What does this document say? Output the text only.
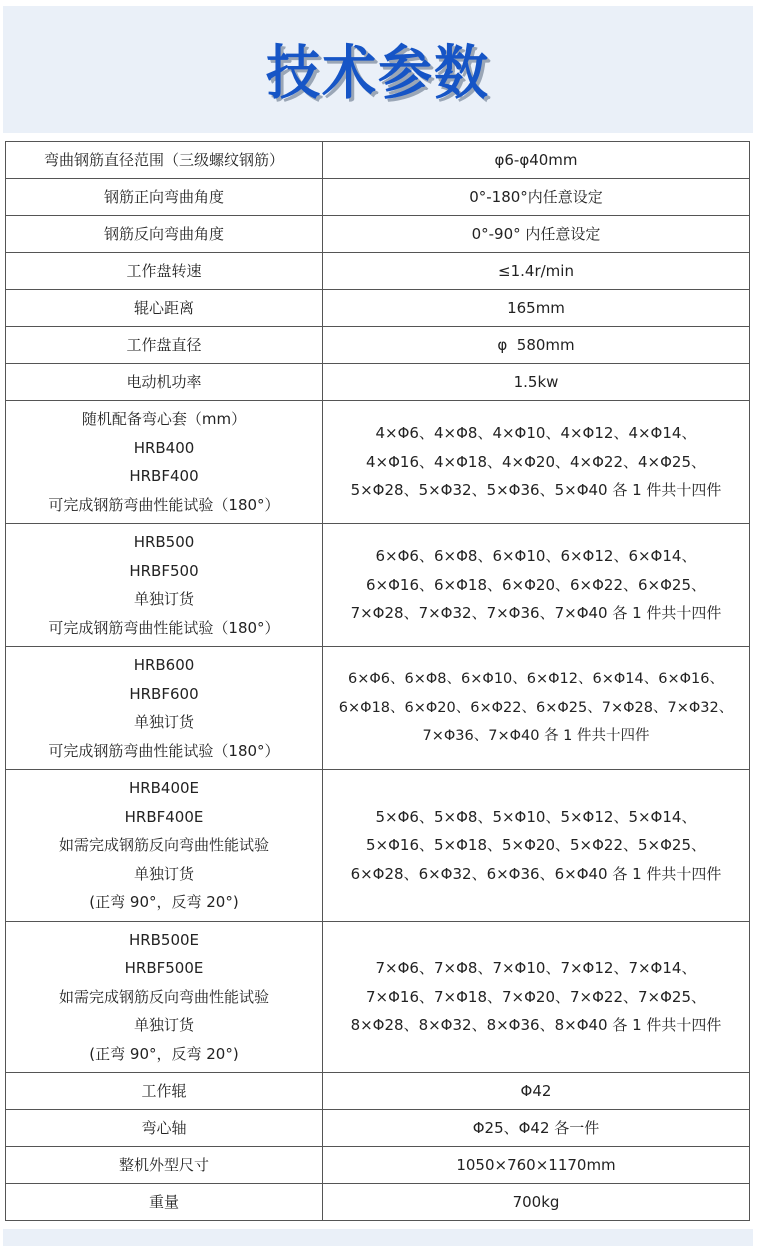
技术参数
弯曲钢筋直径范围（三级螺纹钢筋）	φ6-φ40mm

钢筋正向弯曲角度	0°-180°内任意设定

钢筋反向弯曲角度	0°-90° 内任意设定

工作盘转速	≤1.4r/min

辊心距离	165mm

工作盘直径	φ  580mm

电动机功率	1.5kw

随机配备弯心套（mm）
HRB400
HRBF400
可完成钢筋弯曲性能试验（180°）	4×Φ6、4×Φ8、4×Φ10、4×Φ12、4×Φ14、
4×Φ16、4×Φ18、4×Φ20、4×Φ22、4×Φ25、
5×Φ28、5×Φ32、5×Φ36、5×Φ40 各 1 件共十四件

HRB500
HRBF500
单独订货
可完成钢筋弯曲性能试验（180°）	6×Φ6、6×Φ8、6×Φ10、6×Φ12、6×Φ14、
6×Φ16、6×Φ18、6×Φ20、6×Φ22、6×Φ25、
7×Φ28、7×Φ32、7×Φ36、7×Φ40 各 1 件共十四件

HRB600
HRBF600
单独订货
可完成钢筋弯曲性能试验（180°）	6×Φ6、6×Φ8、6×Φ10、6×Φ12、6×Φ14、6×Φ16、
6×Φ18、6×Φ20、6×Φ22、6×Φ25、7×Φ28、7×Φ32、
7×Φ36、7×Φ40 各 1 件共十四件

HRB400E
HRBF400E
如需完成钢筋反向弯曲性能试验
单独订货
(正弯 90°，反弯 20°)	5×Φ6、5×Φ8、5×Φ10、5×Φ12、5×Φ14、
5×Φ16、5×Φ18、5×Φ20、5×Φ22、5×Φ25、
6×Φ28、6×Φ32、6×Φ36、6×Φ40 各 1 件共十四件

HRB500E
HRBF500E
如需完成钢筋反向弯曲性能试验
单独订货
(正弯 90°，反弯 20°)	7×Φ6、7×Φ8、7×Φ10、7×Φ12、7×Φ14、
7×Φ16、7×Φ18、7×Φ20、7×Φ22、7×Φ25、
8×Φ28、8×Φ32、8×Φ36、8×Φ40 各 1 件共十四件

工作辊	Φ42

弯心轴	Φ25、Φ42 各一件

整机外型尺寸	1050×760×1170mm

重量	700kg
